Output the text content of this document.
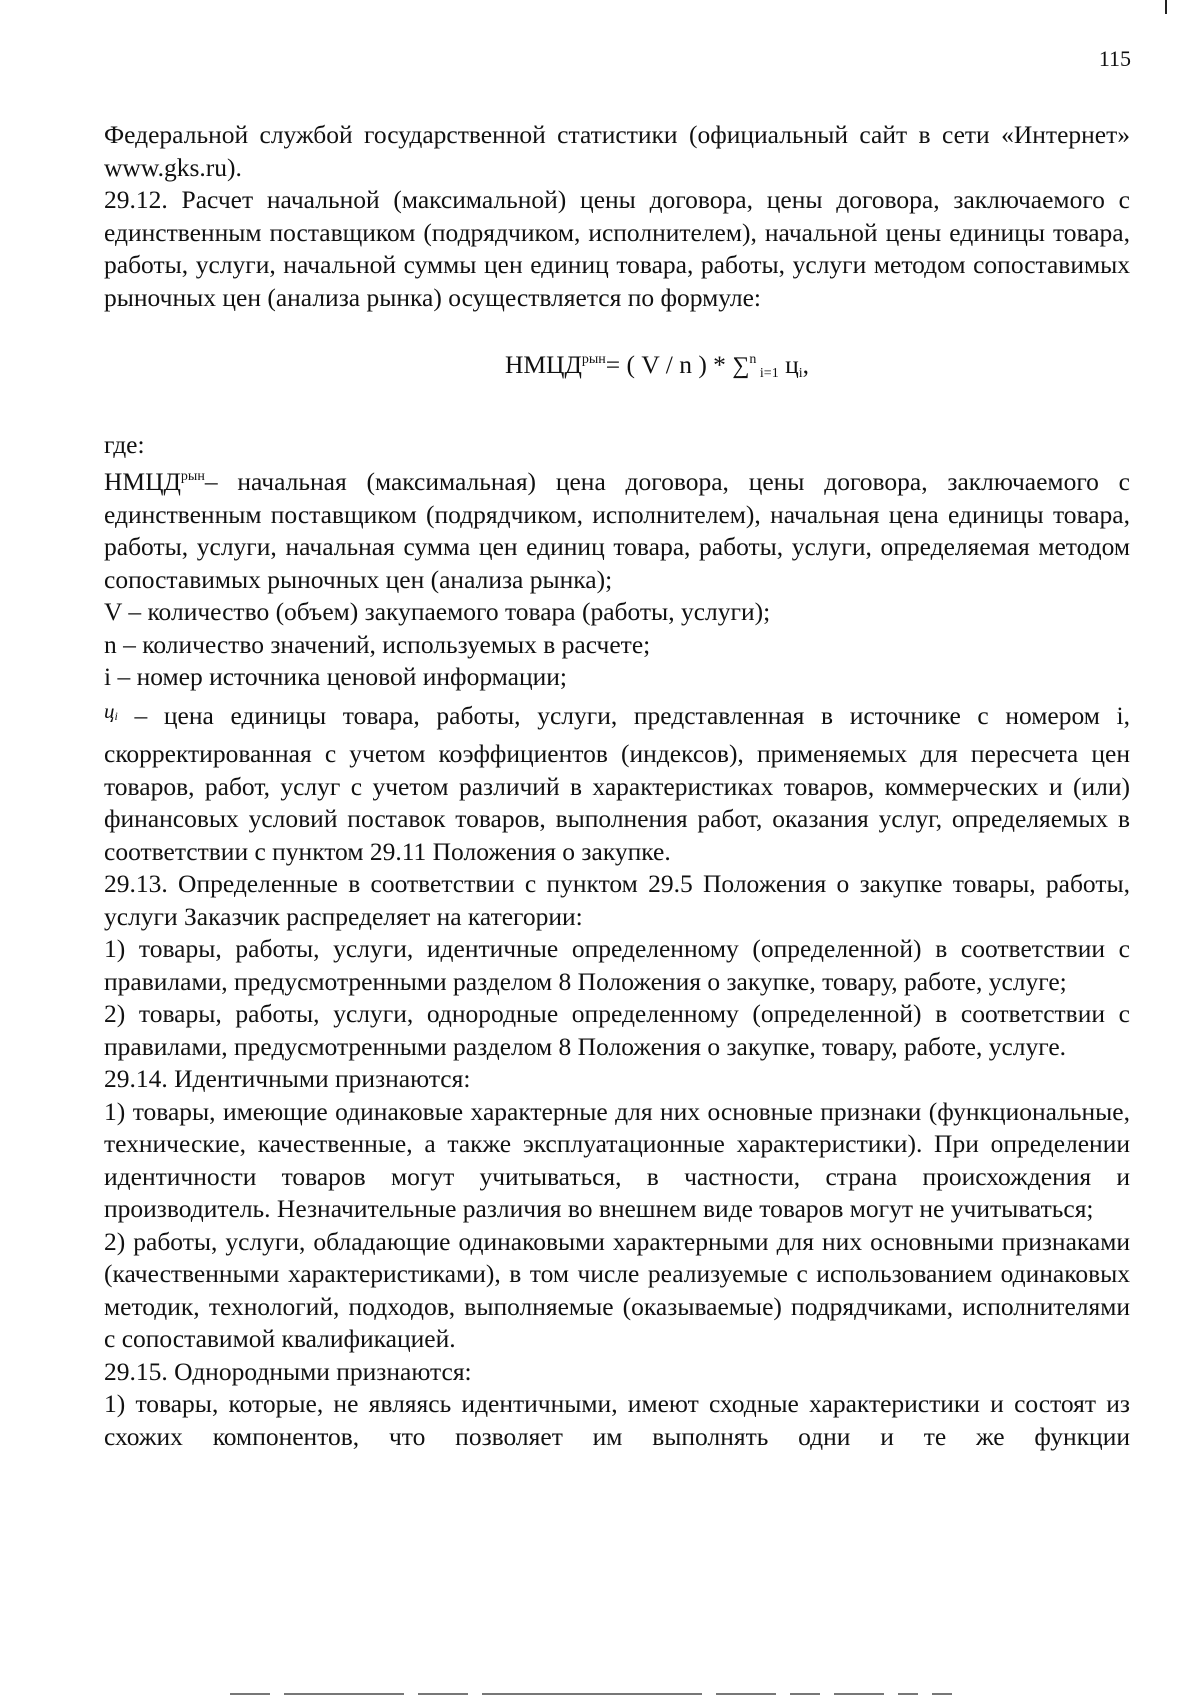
115

Федеральной службой государственной статистики (официальный сайт в сети «Интернет» www.gks.ru).

29.12. Расчет начальной (максимальной) цены договора, цены договора, заключаемого с единственным поставщиком (подрядчиком, исполнителем), начальной цены единицы товара, работы, услуги, начальной суммы цен единиц товара, работы, услуги методом сопоставимых рыночных цен (анализа рынка) осуществляется по формуле:

$НМЦД^{рын}=$ ( V / n ) * ∑$^n$ $_{i=1}$ $ц_i$,

где:

$НМЦД^{рын}-$ начальная (максимальная) цена договора, цены договора, заключаемого с единственным поставщиком (подрядчиком, исполнителем), начальная цена единицы товара, работы, услуги, начальная сумма цен единиц товара, работы, услуги, определяемая методом сопоставимых рыночных цен (анализа рынка);

V – количество (объем) закупаемого товара (работы, услуги);

n – количество значений, используемых в расчете;

i – номер источника ценовой информации;

$ц_i$ – цена единицы товара, работы, услуги, представленная в источнике с номером i, скорректированная с учетом коэффициентов (индексов), применяемых для пересчета цен товаров, работ, услуг с учетом различий в характеристиках товаров, коммерческих и (или) финансовых условий поставок товаров, выполнения работ, оказания услуг, определяемых в соответствии с пунктом 29.11 Положения о закупке.

29.13. Определенные в соответствии с пунктом 29.5 Положения о закупке товары, работы, услуги Заказчик распределяет на категории:

1) товары, работы, услуги, идентичные определенному (определенной) в соответствии с правилами, предусмотренными разделом 8 Положения о закупке, товару, работе, услуге;

2) товары, работы, услуги, однородные определенному (определенной) в соответствии с правилами, предусмотренными разделом 8 Положения о закупке, товару, работе, услуге.

29.14. Идентичными признаются:

1) товары, имеющие одинаковые характерные для них основные признаки (функциональные, технические, качественные, а также эксплуатационные характеристики). При определении идентичности товаров могут учитываться, в частности, страна происхождения и производитель. Незначительные различия во внешнем виде товаров могут не учитываться;

2) работы, услуги, обладающие одинаковыми характерными для них основными признаками (качественными характеристиками), в том числе реализуемые с использованием одинаковых методик, технологий, подходов, выполняемые (оказываемые) подрядчиками, исполнителями с сопоставимой квалификацией.

29.15. Однородными признаются:

1) товары, которые, не являясь идентичными, имеют сходные характеристики и состоят из схожих компонентов, что позволяет им выполнять одни и те же функции
